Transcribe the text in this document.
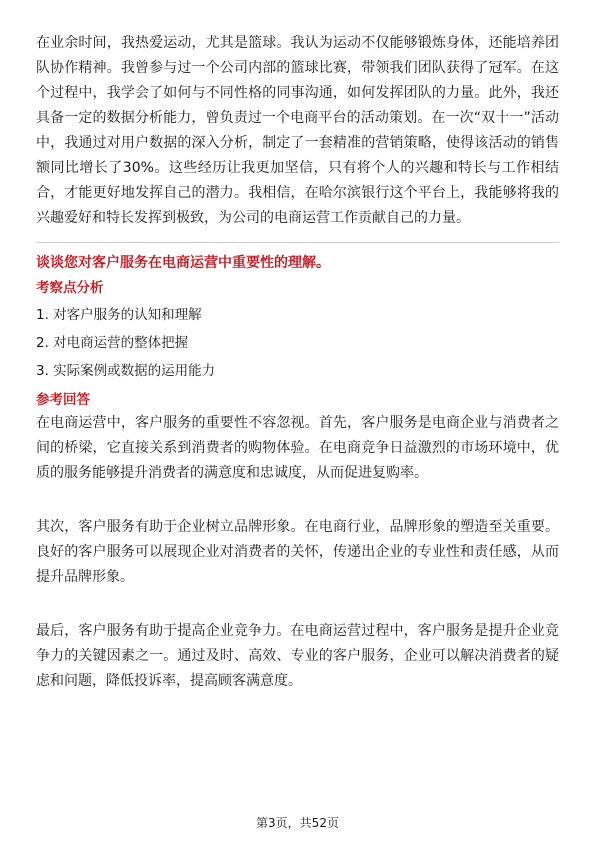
在业余时间，我热爱运动，尤其是篮球。我认为运动不仅能够锻炼身体，还能培养团队协作精神。我曾参与过一个公司内部的篮球比赛，带领我们团队获得了冠军。在这个过程中，我学会了如何与不同性格的同事沟通，如何发挥团队的力量。此外，我还具备一定的数据分析能力，曾负责过一个电商平台的活动策划。在一次“双十一”活动中，我通过对用户数据的深入分析，制定了一套精准的营销策略，使得该活动的销售额同比增长了30%。这些经历让我更加坚信，只有将个人的兴趣和特长与工作相结合，才能更好地发挥自己的潜力。我相信，在哈尔滨银行这个平台上，我能够将我的兴趣爱好和特长发挥到极致，为公司的电商运营工作贡献自己的力量。

谈谈您对客户服务在电商运营中重要性的理解。
考察点分析
1. 对客户服务的认知和理解
2. 对电商运营的整体把握
3. 实际案例或数据的运用能力
参考回答

在电商运营中，客户服务的重要性不容忽视。首先，客户服务是电商企业与消费者之间的桥梁，它直接关系到消费者的购物体验。在电商竞争日益激烈的市场环境中，优质的服务能够提升消费者的满意度和忠诚度，从而促进复购率。

其次，客户服务有助于企业树立品牌形象。在电商行业，品牌形象的塑造至关重要。良好的客户服务可以展现企业对消费者的关怀，传递出企业的专业性和责任感，从而提升品牌形象。

最后，客户服务有助于提高企业竞争力。在电商运营过程中，客户服务是提升企业竞争力的关键因素之一。通过及时、高效、专业的客户服务，企业可以解决消费者的疑虑和问题，降低投诉率，提高顾客满意度。

第3页，共52页
